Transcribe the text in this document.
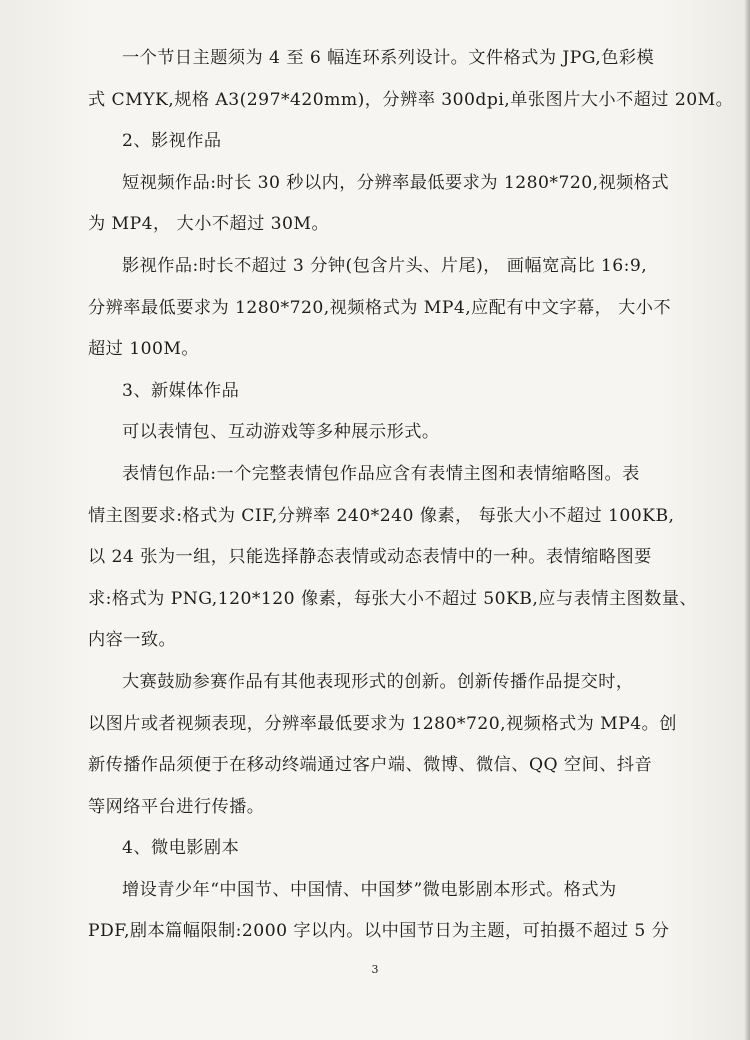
一个节日主题须为 4 至 6 幅连环系列设计。文件格式为 JPG,色彩模
式 CMYK,规格 A3(297*420mm)，分辨率 300dpi,单张图片大小不超过 20M。
2、影视作品
短视频作品:时长 30 秒以内，分辨率最低要求为 1280*720,视频格式
为 MP4， 大小不超过 30M。
影视作品:时长不超过 3 分钟(包含片头、片尾)， 画幅宽高比 16:9,
分辨率最低要求为 1280*720,视频格式为 MP4,应配有中文字幕， 大小不
超过 100M。
3、新媒体作品
可以表情包、互动游戏等多种展示形式。
表情包作品:一个完整表情包作品应含有表情主图和表情缩略图。表
情主图要求:格式为 CIF,分辨率 240*240 像素， 每张大小不超过 100KB,
以 24 张为一组，只能选择静态表情或动态表情中的一种。表情缩略图要
求:格式为 PNG,120*120 像素，每张大小不超过 50KB,应与表情主图数量、
内容一致。
大赛鼓励参赛作品有其他表现形式的创新。创新传播作品提交时，
以图片或者视频表现，分辨率最低要求为 1280*720,视频格式为 MP4。创
新传播作品须便于在移动终端通过客户端、微博、微信、QQ 空间、抖音
等网络平台进行传播。
4、微电影剧本
增设青少年“中国节、中国情、中国梦”微电影剧本形式。格式为
PDF,剧本篇幅限制:2000 字以内。以中国节日为主题，可拍摄不超过 5 分
3
